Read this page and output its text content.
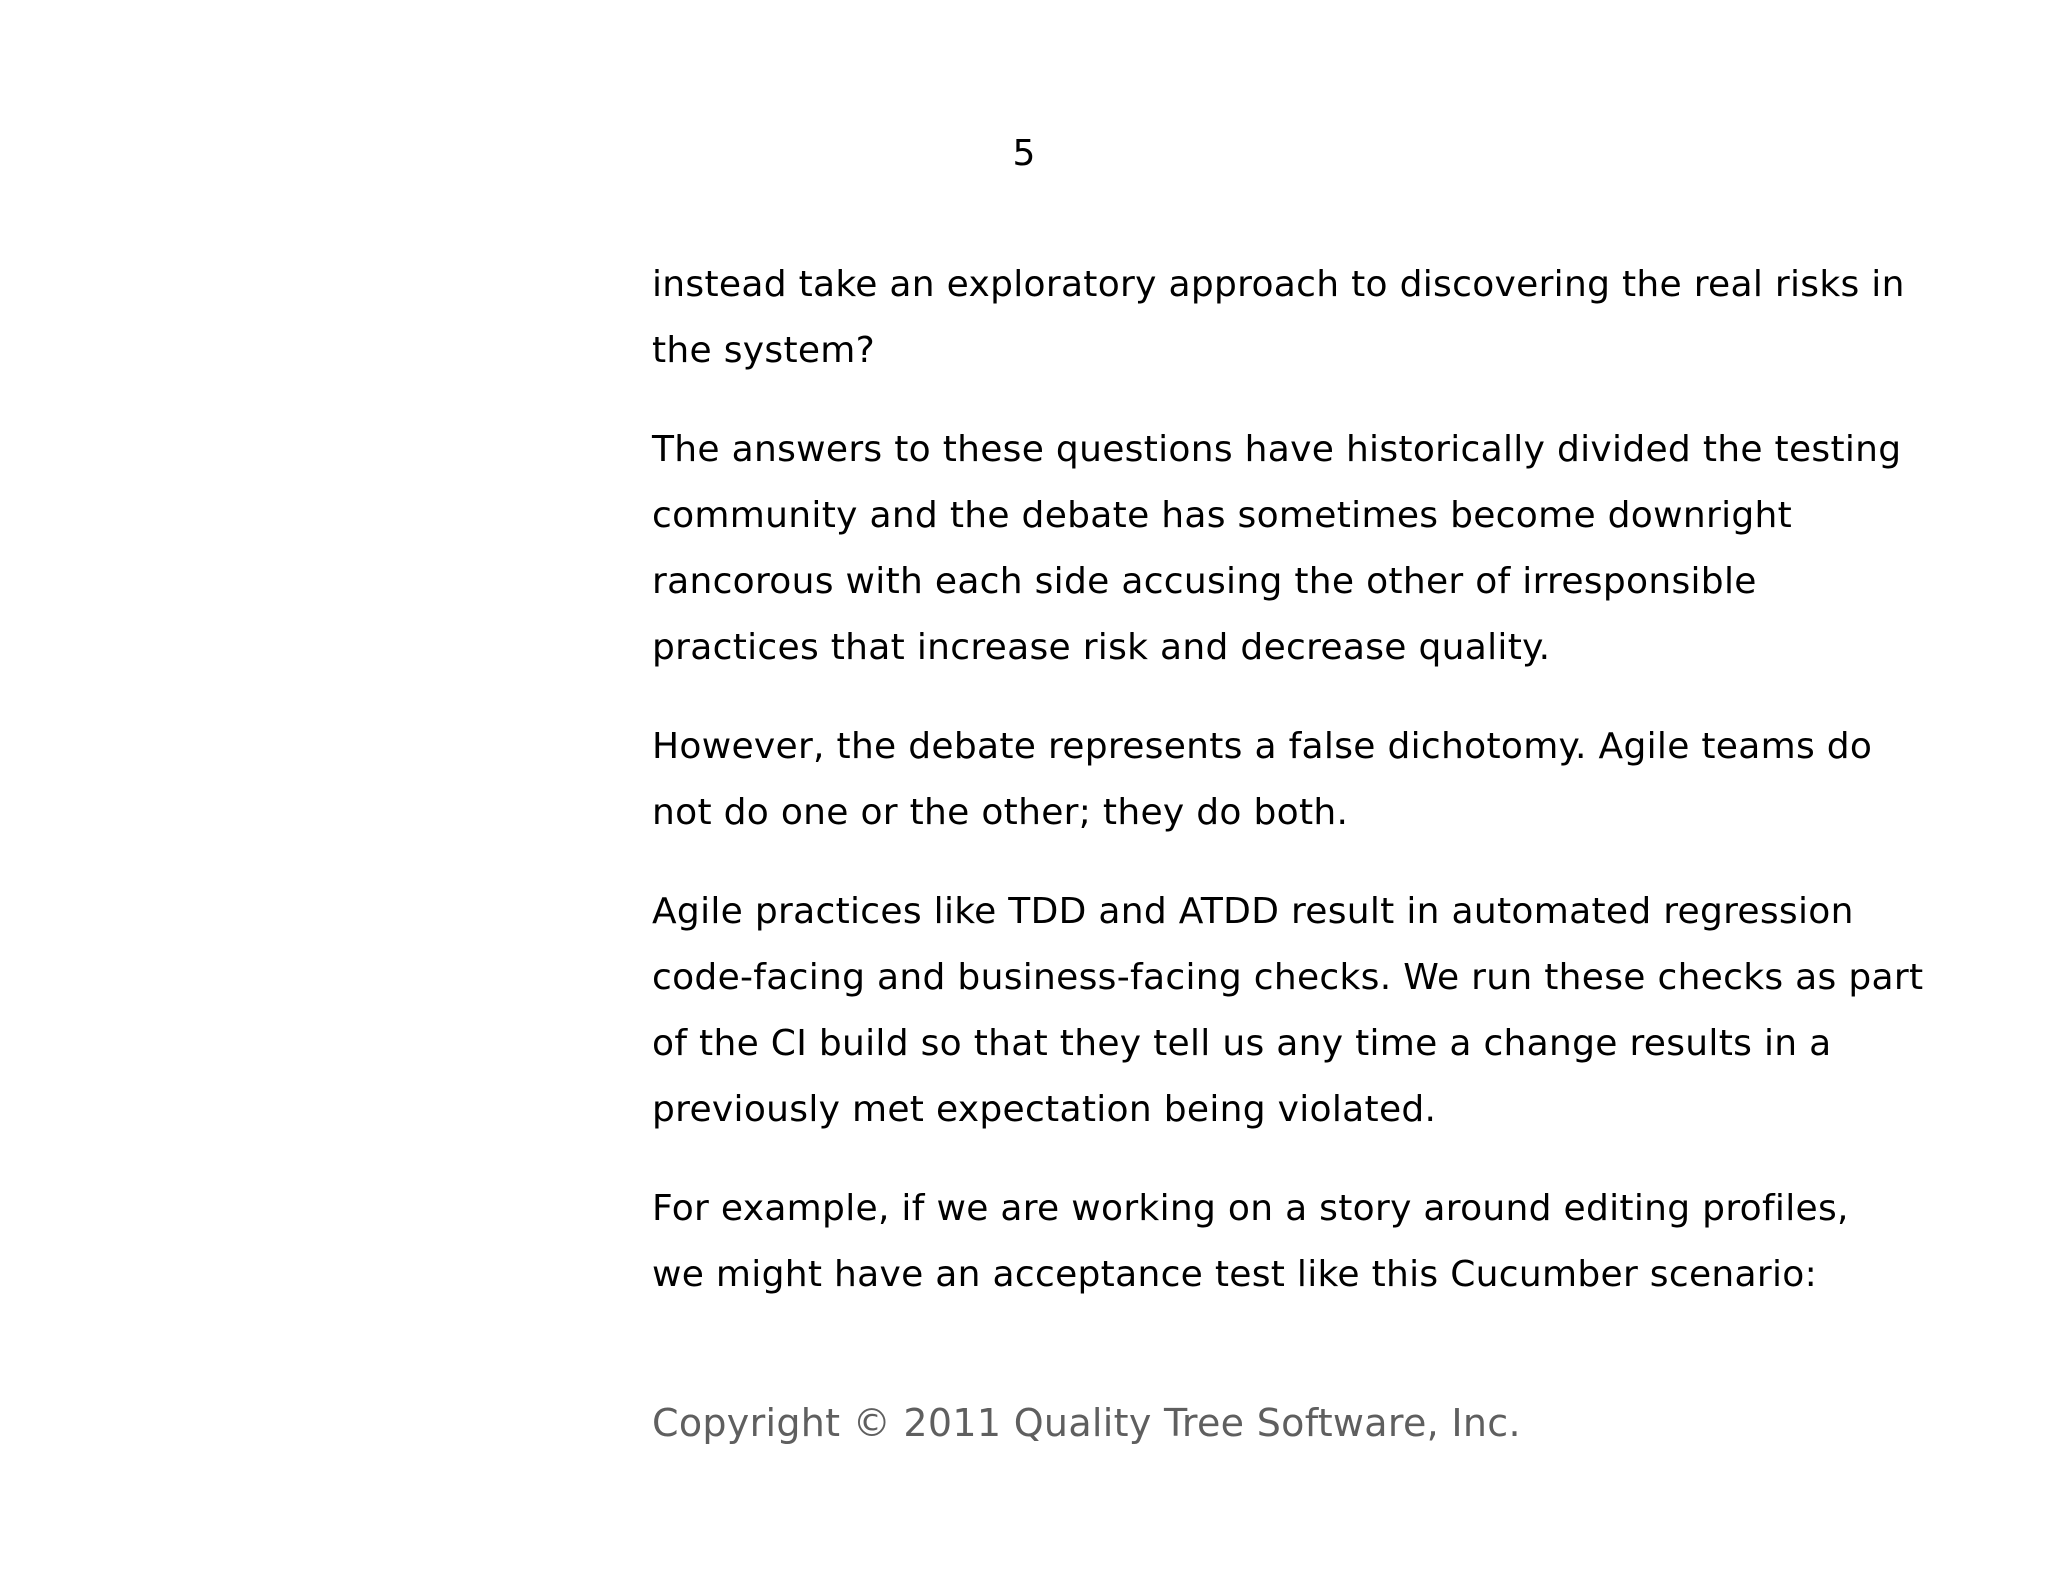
5

instead take an exploratory approach to discovering the real risks in
the system?

The answers to these questions have historically divided the testing
community and the debate has sometimes become downright
rancorous with each side accusing the other of irresponsible
practices that increase risk and decrease quality.

However, the debate represents a false dichotomy. Agile teams do
not do one or the other; they do both.

Agile practices like TDD and ATDD result in automated regression
code-facing and business-facing checks. We run these checks as part
of the CI build so that they tell us any time a change results in a
previously met expectation being violated.

For example, if we are working on a story around editing profiles,
we might have an acceptance test like this Cucumber scenario:

Copyright © 2011 Quality Tree Software, Inc.
